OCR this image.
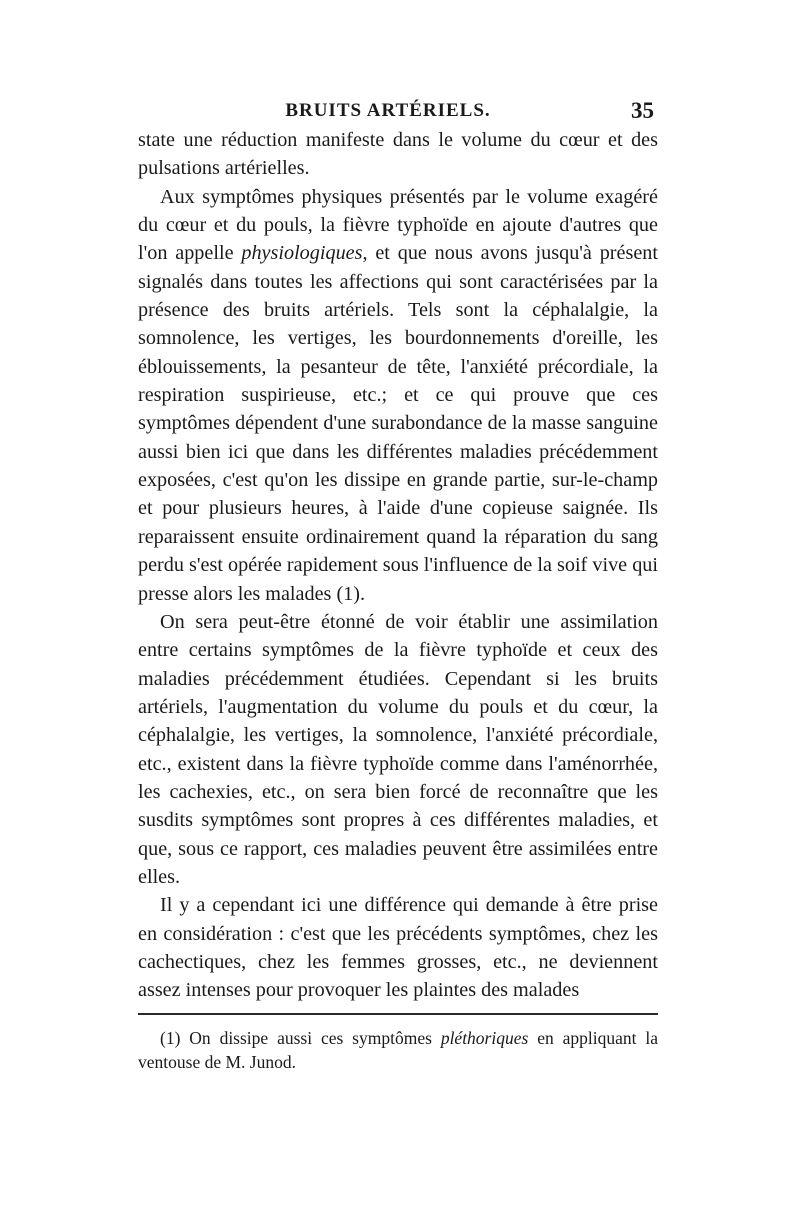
BRUITS ARTÉRIELS.	35

state une réduction manifeste dans le volume du cœur et des pulsations artérielles.

Aux symptômes physiques présentés par le volume exagéré du cœur et du pouls, la fièvre typhoïde en ajoute d'autres que l'on appelle physiologiques, et que nous avons jusqu'à présent signalés dans toutes les affections qui sont caractérisées par la présence des bruits artériels. Tels sont la céphalalgie, la somnolence, les vertiges, les bourdonnements d'oreille, les éblouissements, la pesanteur de tête, l'anxiété précordiale, la respiration suspirieuse, etc.; et ce qui prouve que ces symptômes dépendent d'une surabondance de la masse sanguine aussi bien ici que dans les différentes maladies précédemment exposées, c'est qu'on les dissipe en grande partie, sur-le-champ et pour plusieurs heures, à l'aide d'une copieuse saignée. Ils reparaissent ensuite ordinairement quand la réparation du sang perdu s'est opérée rapidement sous l'influence de la soif vive qui presse alors les malades (1).

On sera peut-être étonné de voir établir une assimilation entre certains symptômes de la fièvre typhoïde et ceux des maladies précédemment étudiées. Cependant si les bruits artériels, l'augmentation du volume du pouls et du cœur, la céphalalgie, les vertiges, la somnolence, l'anxiété précordiale, etc., existent dans la fièvre typhoïde comme dans l'aménorrhée, les cachexies, etc., on sera bien forcé de reconnaître que les susdits symptômes sont propres à ces différentes maladies, et que, sous ce rapport, ces maladies peuvent être assimilées entre elles.

Il y a cependant ici une différence qui demande à être prise en considération : c'est que les précédents symptômes, chez les cachectiques, chez les femmes grosses, etc., ne deviennent assez intenses pour provoquer les plaintes des malades

(1) On dissipe aussi ces symptômes pléthoriques en appliquant la ventouse de M. Junod.
